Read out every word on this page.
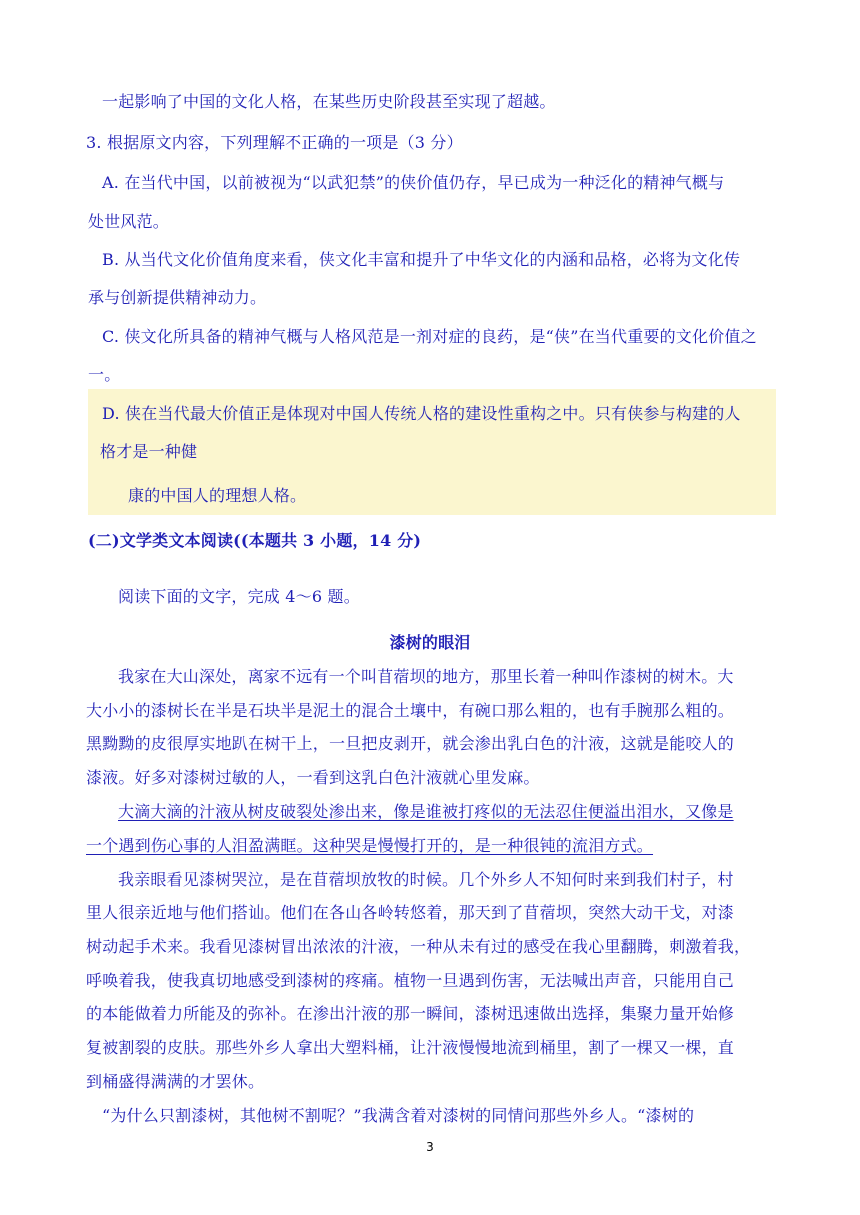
一起影响了中国的文化人格，在某些历史阶段甚至实现了超越。
3. 根据原文内容，下列理解不正确的一项是（3 分）
A. 在当代中国，以前被视为“以武犯禁”的侠价值仍存，早已成为一种泛化的精神气概与
处世风范。
B. 从当代文化价值角度来看，侠文化丰富和提升了中华文化的内涵和品格，必将为文化传
承与创新提供精神动力。
C. 侠文化所具备的精神气概与人格风范是一剂对症的良药，是“侠”在当代重要的文化价值之
一。
D. 侠在当代最大价值正是体现对中国人传统人格的建设性重构之中。只有侠参与构建的人
格才是一种健
康的中国人的理想人格。
(二)文学类文本阅读((本题共 3 小题，14 分)
阅读下面的文字，完成 4～6 题。
漆树的眼泪
我家在大山深处，离家不远有一个叫苜蓿坝的地方，那里长着一种叫作漆树的树木。大
大小小的漆树长在半是石块半是泥土的混合土壤中，有碗口那么粗的，也有手腕那么粗的。
黑黝黝的皮很厚实地趴在树干上，一旦把皮剥开，就会渗出乳白色的汁液，这就是能咬人的
漆液。好多对漆树过敏的人，一看到这乳白色汁液就心里发麻。
大滴大滴的汁液从树皮破裂处渗出来，像是谁被打疼似的无法忍住便溢出泪水，又像是
一个遇到伤心事的人泪盈满眶。这种哭是慢慢打开的，是一种很钝的流泪方式。
我亲眼看见漆树哭泣，是在苜蓿坝放牧的时候。几个外乡人不知何时来到我们村子，村
里人很亲近地与他们搭讪。他们在各山各岭转悠着，那天到了苜蓿坝，突然大动干戈，对漆
树动起手术来。我看见漆树冒出浓浓的汁液，一种从未有过的感受在我心里翻腾，刺激着我，
呼唤着我，使我真切地感受到漆树的疼痛。植物一旦遇到伤害，无法喊出声音，只能用自己
的本能做着力所能及的弥补。在渗出汁液的那一瞬间，漆树迅速做出选择，集聚力量开始修
复被割裂的皮肤。那些外乡人拿出大塑料桶，让汁液慢慢地流到桶里，割了一棵又一棵，直
到桶盛得满满的才罢休。
“为什么只割漆树，其他树不割呢？”我满含着对漆树的同情问那些外乡人。“漆树的
3
